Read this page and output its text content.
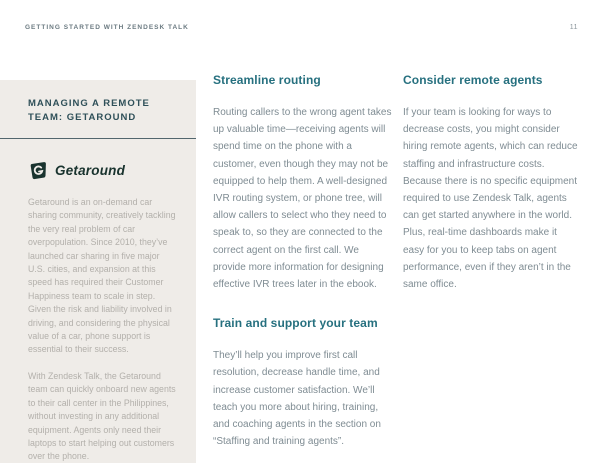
GETTING STARTED WITH ZENDESK TALK	11
MANAGING A REMOTE TEAM: GETAROUND
Getaround

Getaround is an on-demand car sharing community, creatively tackling the very real problem of car overpopulation. Since 2010, they’ve launched car sharing in five major U.S. cities, and expansion at this speed has required their Customer Happiness team to scale in step. Given the risk and liability involved in driving, and considering the physical value of a car, phone support is essential to their success.

With Zendesk Talk, the Getaround team can quickly onboard new agents to their call center in the Philippines, without investing in any additional equipment. Agents only need their laptops to start helping out customers over the phone.

Streamline routing

Routing callers to the wrong agent takes up valuable time—receiving agents will spend time on the phone with a customer, even though they may not be equipped to help them. A well-designed IVR routing system, or phone tree, will allow callers to select who they need to speak to, so they are connected to the correct agent on the first call. We provide more information for designing effective IVR trees later in the ebook.

Train and support your team

They’ll help you improve first call resolution, decrease handle time, and increase customer satisfaction. We’ll teach you more about hiring, training, and coaching agents in the section on “Staffing and training agents”.

Consider remote agents

If your team is looking for ways to decrease costs, you might consider hiring remote agents, which can reduce staffing and infrastructure costs. Because there is no specific equipment required to use Zendesk Talk, agents can get started anywhere in the world. Plus, real-time dashboards make it easy for you to keep tabs on agent performance, even if they aren’t in the same office.
